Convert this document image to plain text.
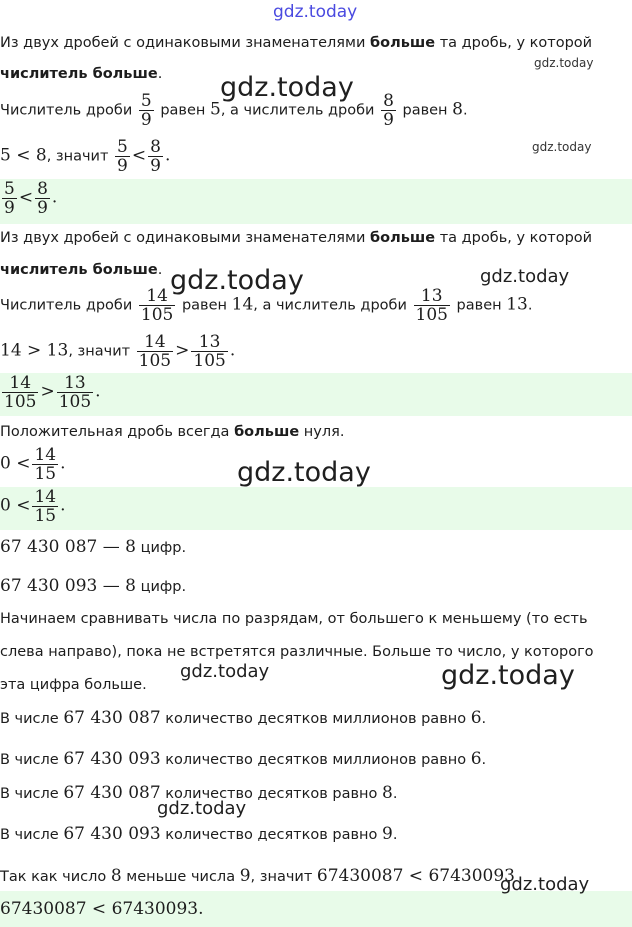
Из двух дробей с одинаковыми знаменателями больше та дробь, у которой
числитель больше.
Числитель дроби $\frac{5}{9}$ равен 5, а числитель дроби $\frac{8}{9}$ равен 8.
5 < 8, значит $\frac{5}{9} < \frac{8}{9}$ .
$\frac{5}{9} < \frac{8}{9}$ .
Из двух дробей с одинаковыми знаменателями больше та дробь, у которой
числитель больше.
Числитель дроби $\frac{14}{105}$ равен 14, а числитель дроби $\frac{13}{105}$ равен 13.
14 > 13, значит $\frac{14}{105} > \frac{13}{105}$ .
$\frac{14}{105} > \frac{13}{105}$ .
Положительная дробь всегда больше нуля.
$0 < \frac{14}{15}$ .
$0 < \frac{14}{15}$ .
67 430 087 — 8 цифр.
67 430 093 — 8 цифр.
Начинаем сравнивать числа по разрядам, от большего к меньшему (то есть
слева направо), пока не встретятся различные. Больше то число, у которого
эта цифра больше.
В числе 67 430 087 количество десятков миллионов равно 6.
В числе 67 430 093 количество десятков миллионов равно 6.
В числе 67 430 087 количество десятков равно 8.
В числе 67 430 093 количество десятков равно 9.
Так как число 8 меньше числа 9, значит 67430087 < 67430093
67430087 < 67430093.
gdz.today
gdz.today
gdz.today
gdz.today
gdz.today	gdz.today
gdz.today
gdz.today	gdz.today
gdz.today
gdz.today
